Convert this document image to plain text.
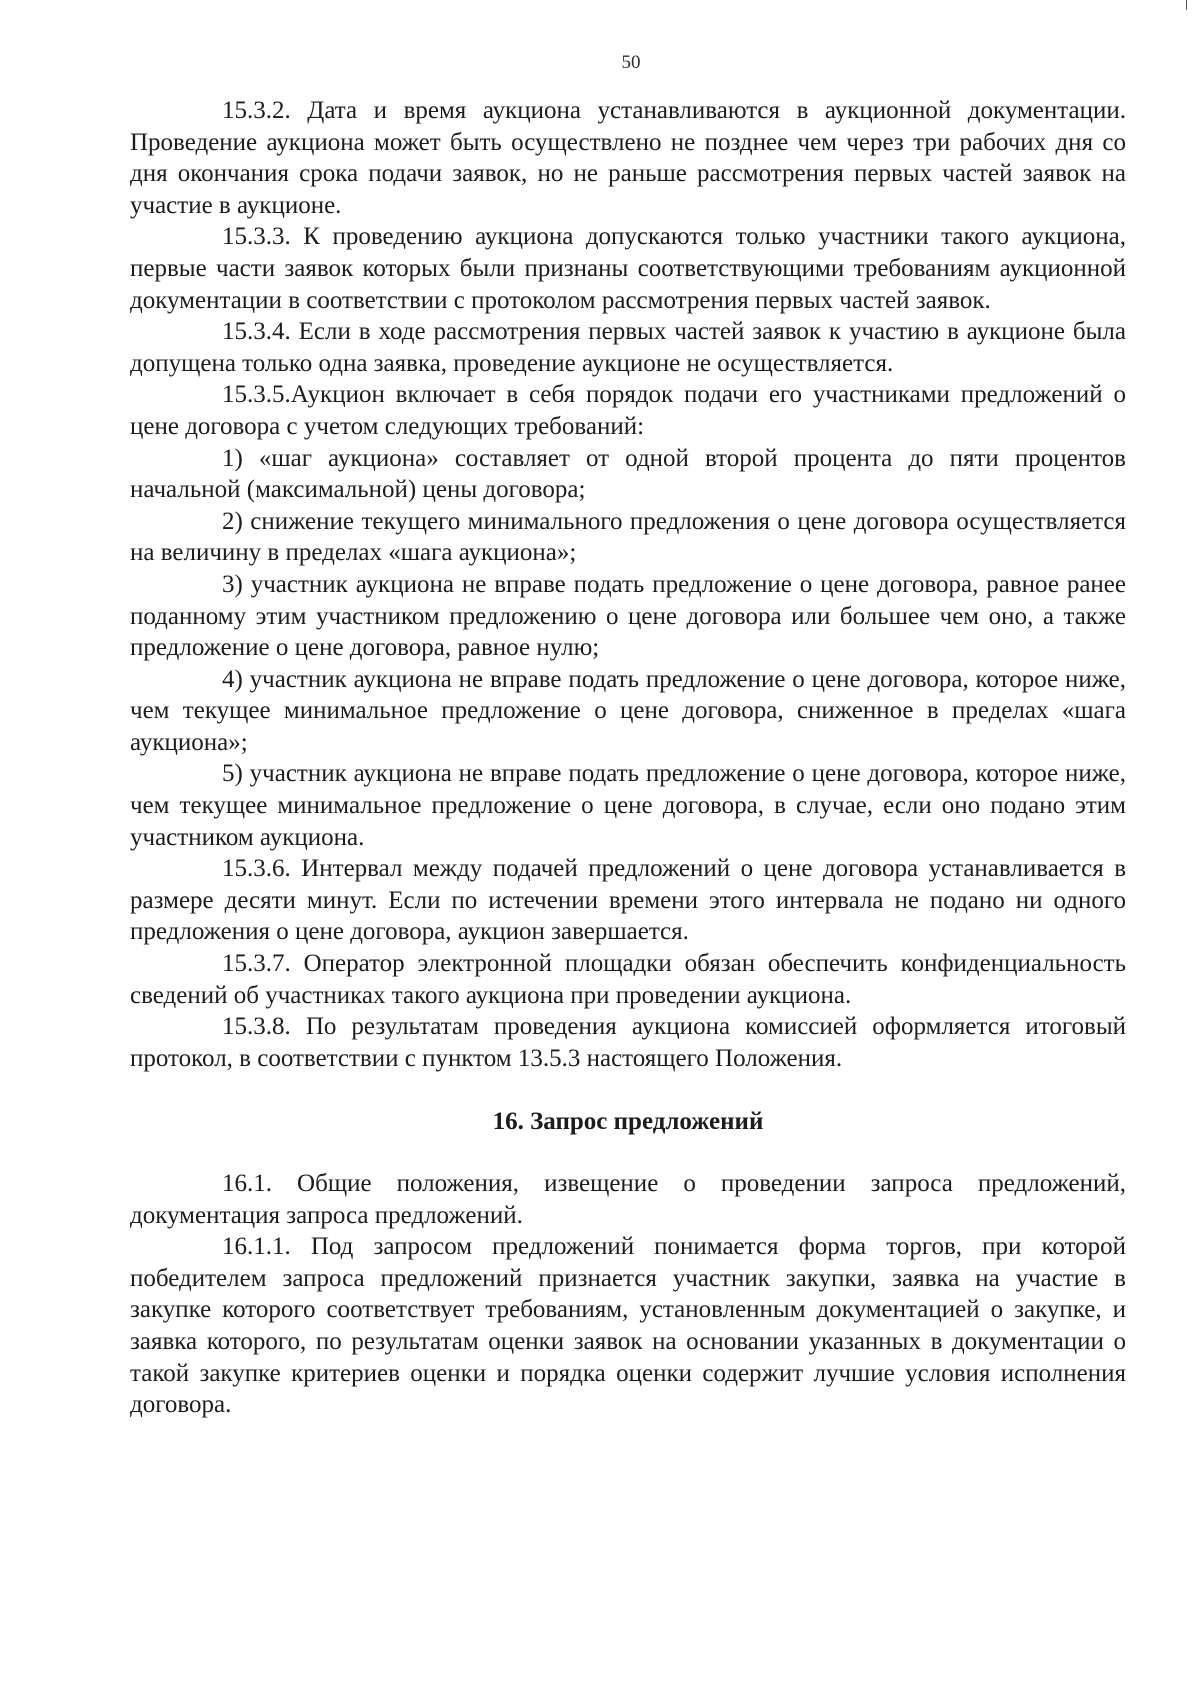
50

15.3.2. Дата и время аукциона устанавливаются в аукционной документации. Проведение аукциона может быть осуществлено не позднее чем через три рабочих дня со дня окончания срока подачи заявок, но не раньше рассмотрения первых частей заявок на участие в аукционе.

15.3.3. К проведению аукциона допускаются только участники такого аукциона, первые части заявок которых были признаны соответствующими требованиям аукционной документации в соответствии с протоколом рассмотрения первых частей заявок.

15.3.4. Если в ходе рассмотрения первых частей заявок к участию в аукционе была допущена только одна заявка, проведение аукционе не осуществляется.

15.3.5.Аукцион включает в себя порядок подачи его участниками предложений о цене договора с учетом следующих требований:

1) «шаг аукциона» составляет от одной второй процента до пяти процентов начальной (максимальной) цены договора;

2) снижение текущего минимального предложения о цене договора осуществляется на величину в пределах «шага аукциона»;

3) участник аукциона не вправе подать предложение о цене договора, равное ранее поданному этим участником предложению о цене договора или большее чем оно, а также предложение о цене договора, равное нулю;

4) участник аукциона не вправе подать предложение о цене договора, которое ниже, чем текущее минимальное предложение о цене договора, сниженное в пределах «шага аукциона»;

5) участник аукциона не вправе подать предложение о цене договора, которое ниже, чем текущее минимальное предложение о цене договора, в случае, если оно подано этим участником аукциона.

15.3.6. Интервал между подачей предложений о цене договора устанавливается в размере десяти минут. Если по истечении времени этого интервала не подано ни одного предложения о цене договора, аукцион завершается.

15.3.7. Оператор электронной площадки обязан обеспечить конфиденциальность сведений об участниках такого аукциона при проведении аукциона.

15.3.8. По результатам проведения аукциона комиссией оформляется итоговый протокол, в соответствии с пунктом 13.5.3 настоящего Положения.

16. Запрос предложений

16.1. Общие положения, извещение о проведении запроса предложений, документация запроса предложений.

16.1.1. Под запросом предложений понимается форма торгов, при которой победителем запроса предложений признается участник закупки, заявка на участие в закупке которого соответствует требованиям, установленным документацией о закупке, и заявка которого, по результатам оценки заявок на основании указанных в документации о такой закупке критериев оценки и порядка оценки содержит лучшие условия исполнения договора.
